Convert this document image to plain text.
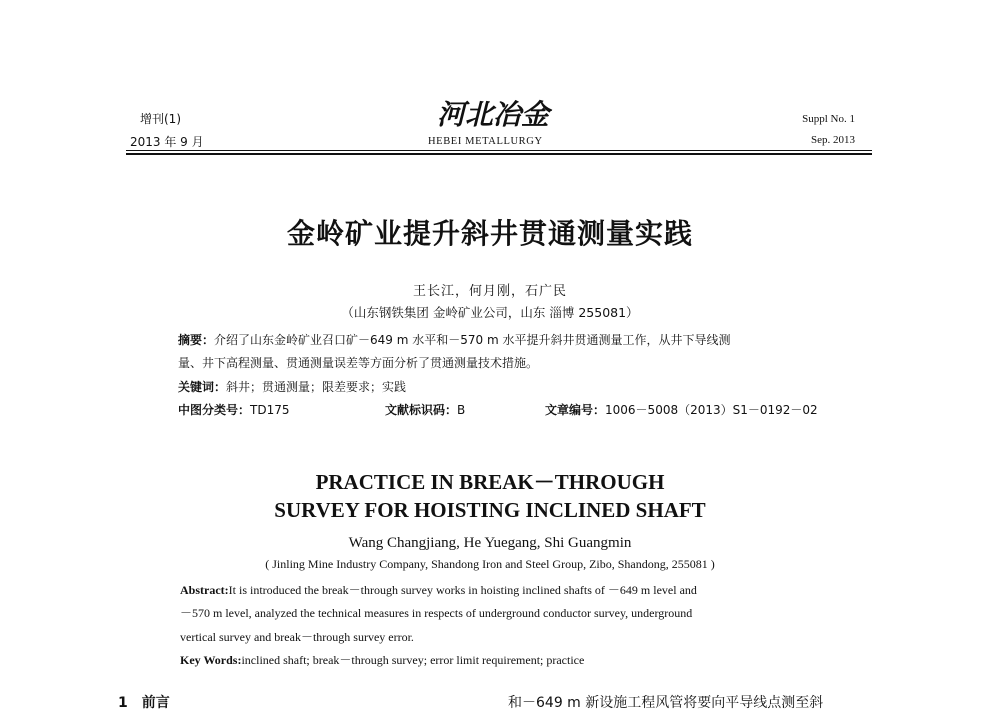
增刊(1)
2013 年 9 月
河北冶金
HEBEI METALLURGY
Suppl No. 1
Sep. 2013
金岭矿业提升斜井贯通测量实践
王长江，何月刚，石广民
（山东钢铁集团 金岭矿业公司，山东 淄博 255081）
摘要：介绍了山东金岭矿业召口矿－649 m 水平和－570 m 水平提升斜井贯通测量工作，从井下导线测
量、井下高程测量、贯通测量误差等方面分析了贯通测量技术措施。
关键词：斜井；贯通测量；限差要求；实践
中图分类号：TD175	文献标识码：B	文章编号：1006－5008（2013）S1－0192－02
PRACTICE IN BREAK－THROUGH
SURVEY FOR HOISTING INCLINED SHAFT
Wang Changjiang, He Yuegang, Shi Guangmin
( Jinling Mine Industry Company, Shandong Iron and Steel Group, Zibo, Shandong, 255081 )
Abstract:It is introduced the break－through survey works in hoisting inclined shafts of －649 m level and
－570 m level, analyzed the technical measures in respects of underground conductor survey, underground
vertical survey and break－through survey error.
Key Words:inclined shaft; break－through survey; error limit requirement; practice
1　前言	和－649 m 新设施工程风管将要向平导线点测至斜
